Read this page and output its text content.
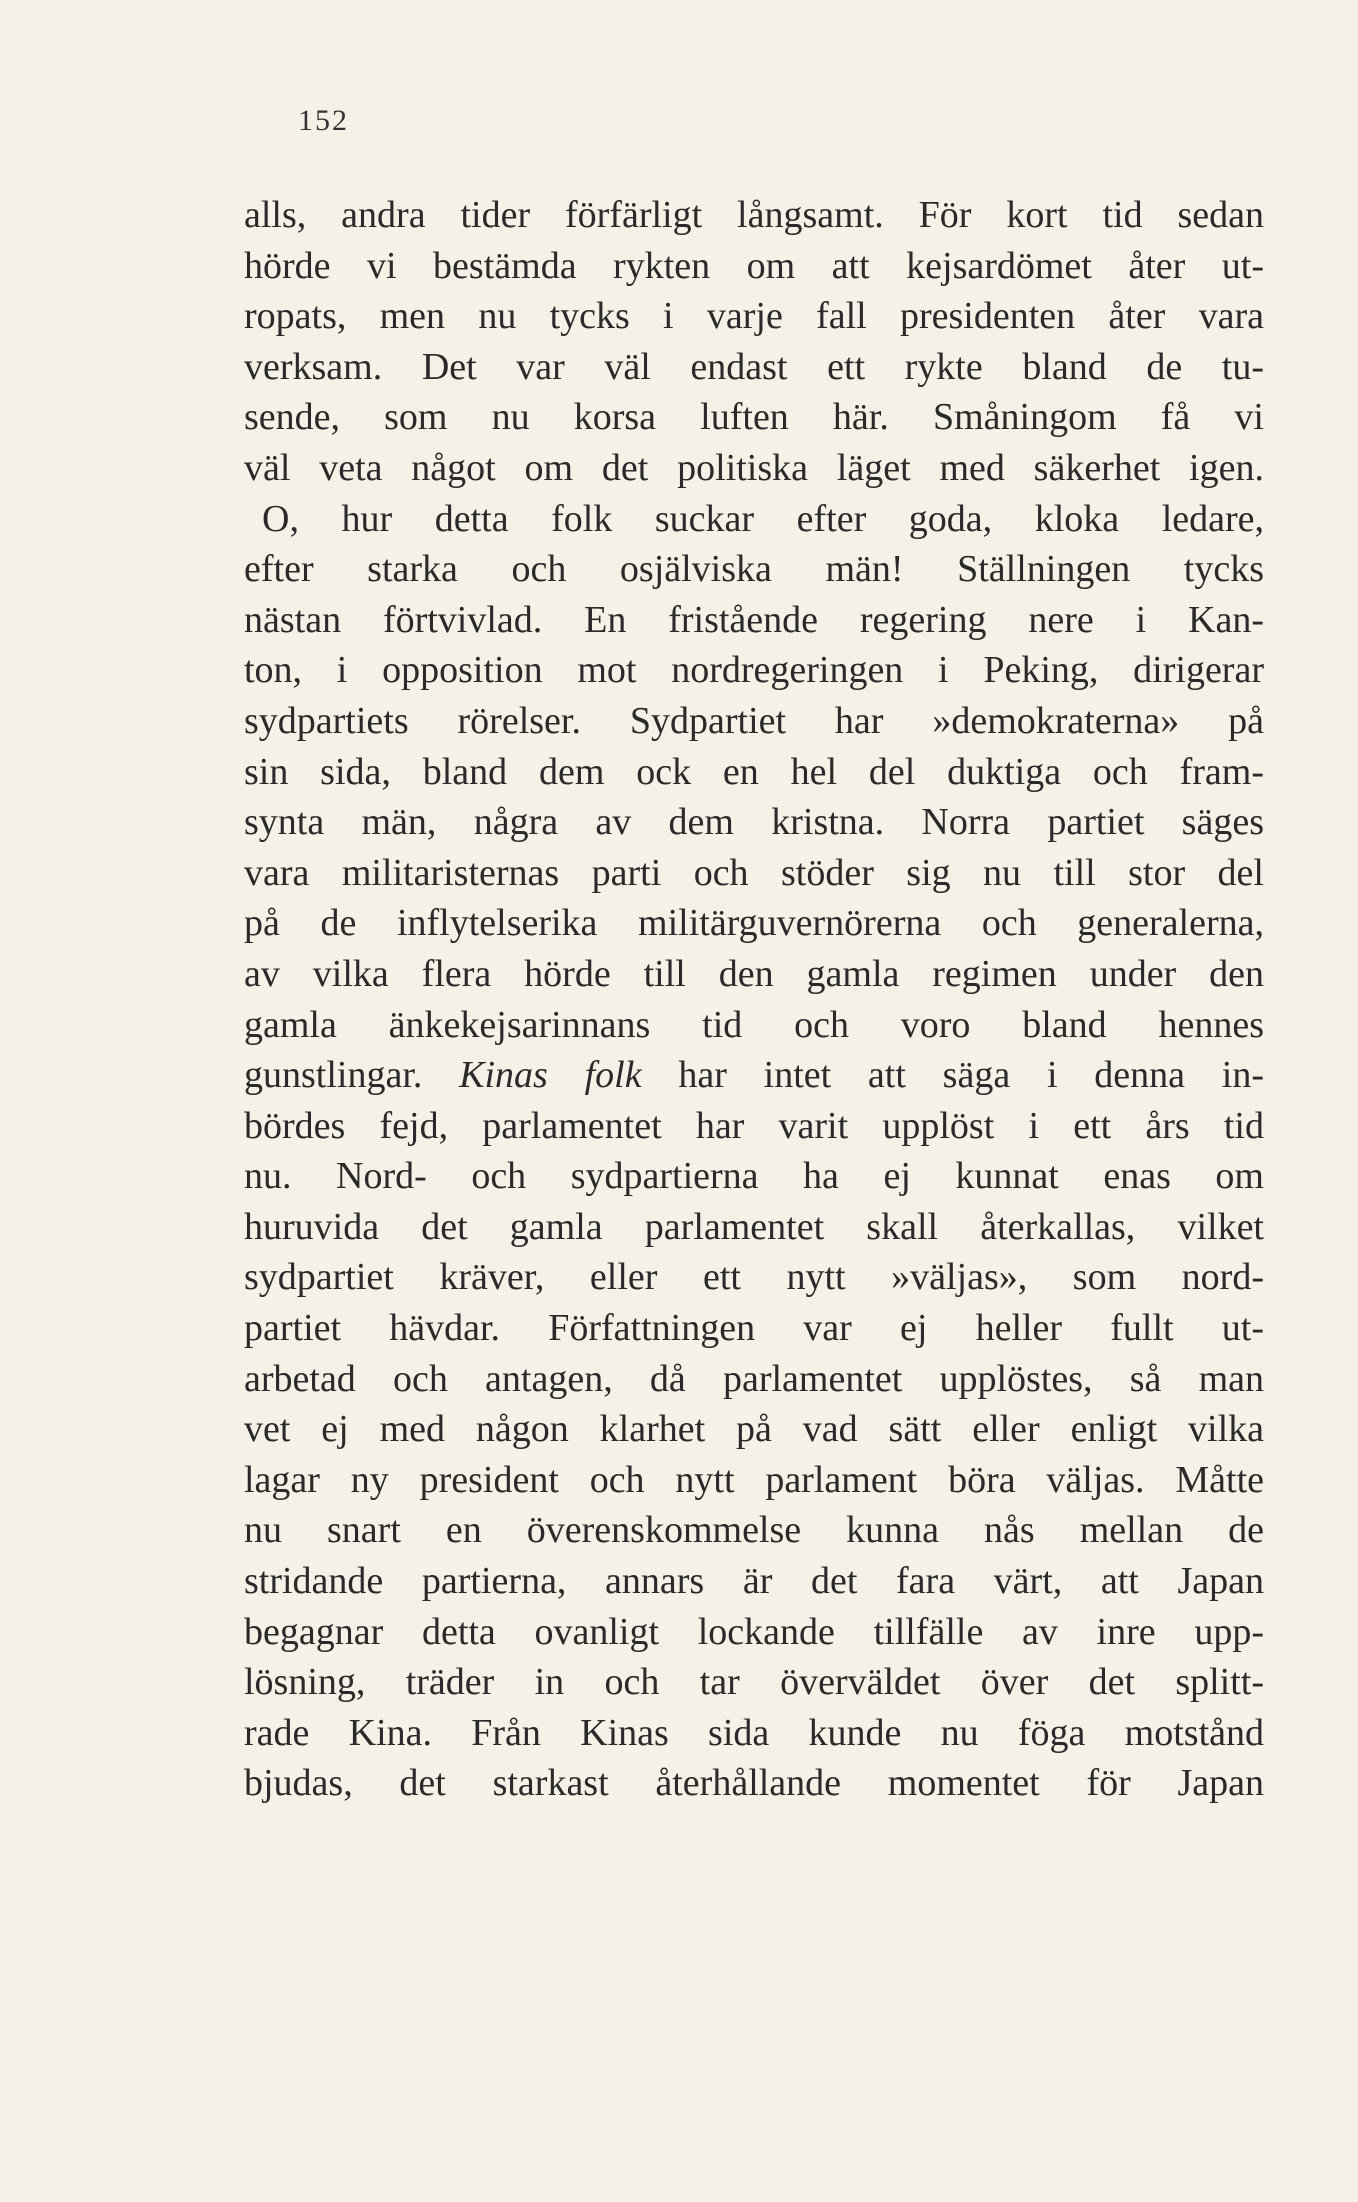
152
alls, andra tider förfärligt långsamt. För kort tid sedan
hörde vi bestämda rykten om att kejsardömet åter ut-
ropats, men nu tycks i varje fall presidenten åter vara
verksam. Det var väl endast ett rykte bland de tu-
sende, som nu korsa luften här. Småningom få vi
väl veta något om det politiska läget med säkerhet igen.
O, hur detta folk suckar efter goda, kloka ledare,
efter starka och osjälviska män! Ställningen tycks
nästan förtvivlad. En fristående regering nere i Kan-
ton, i opposition mot nordregeringen i Peking, dirigerar
sydpartiets rörelser. Sydpartiet har »demokraterna» på
sin sida, bland dem ock en hel del duktiga och fram-
synta män, några av dem kristna. Norra partiet säges
vara militaristernas parti och stöder sig nu till stor del
på de inflytelserika militärguvernörerna och generalerna,
av vilka flera hörde till den gamla regimen under den
gamla änkekejsarinnans tid och voro bland hennes
gunstlingar. Kinas folk har intet att säga i denna in-
bördes fejd, parlamentet har varit upplöst i ett års tid
nu. Nord- och sydpartierna ha ej kunnat enas om
huruvida det gamla parlamentet skall återkallas, vilket
sydpartiet kräver, eller ett nytt »väljas», som nord-
partiet hävdar. Författningen var ej heller fullt ut-
arbetad och antagen, då parlamentet upplöstes, så man
vet ej med någon klarhet på vad sätt eller enligt vilka
lagar ny president och nytt parlament böra väljas. Måtte
nu snart en överenskommelse kunna nås mellan de
stridande partierna, annars är det fara värt, att Japan
begagnar detta ovanligt lockande tillfälle av inre upp-
lösning, träder in och tar överväldet över det splitt-
rade Kina. Från Kinas sida kunde nu föga motstånd
bjudas, det starkast återhållande momentet för Japan
